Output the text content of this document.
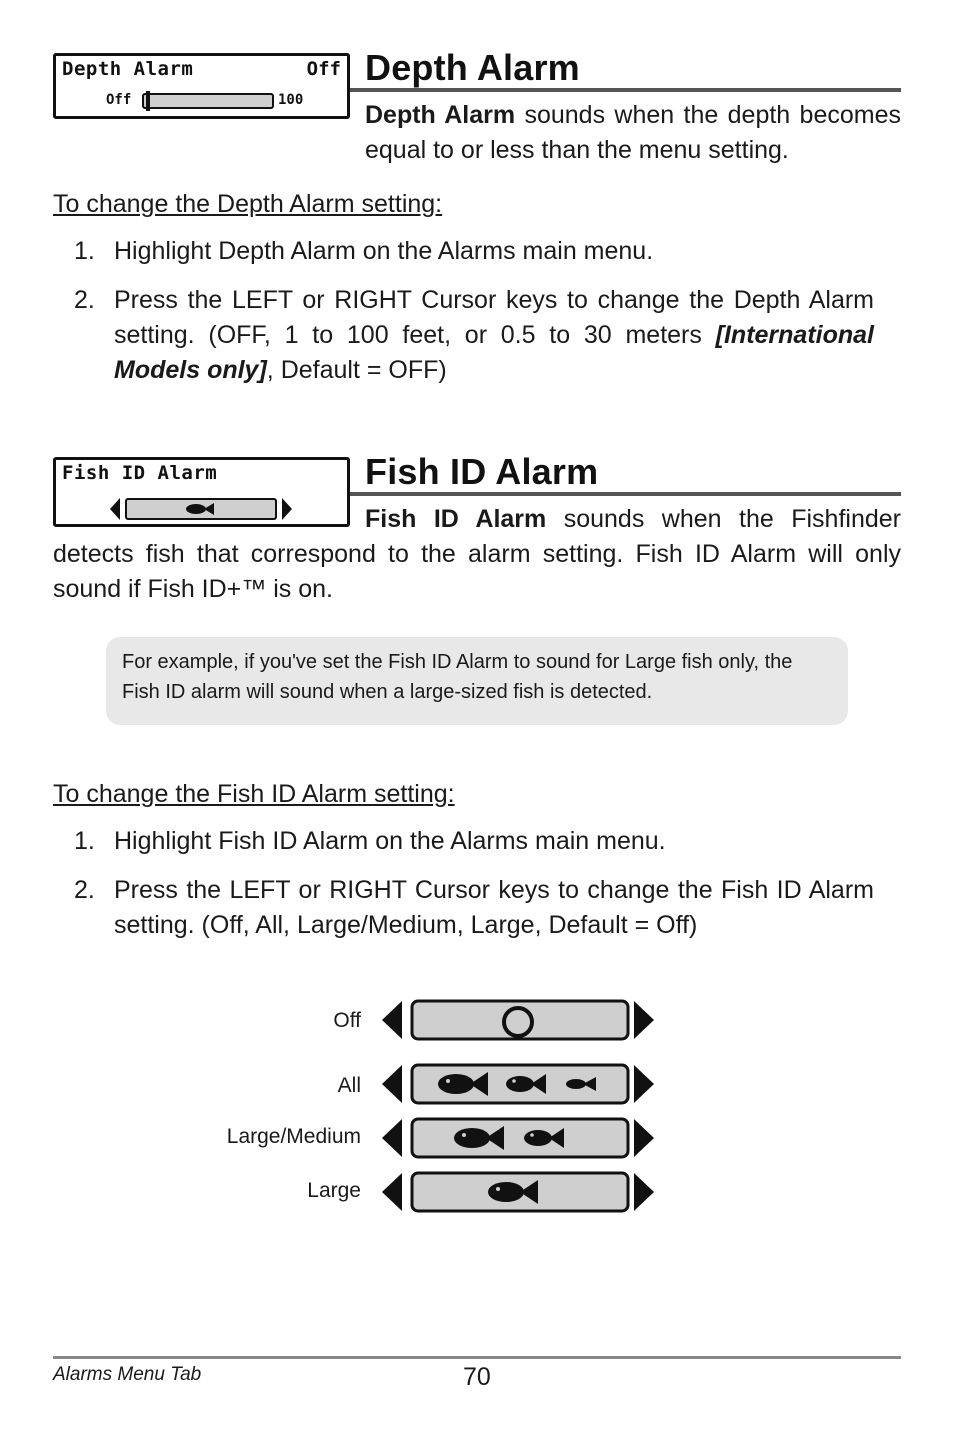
Depth Alarm	Off
Off	100
Depth Alarm
Depth Alarm sounds when the depth becomes equal to or less than the menu setting.
To change the Depth Alarm setting:
1. Highlight Depth Alarm on the Alarms main menu.
2. Press the LEFT or RIGHT Cursor keys to change the Depth Alarm setting. (OFF, 1 to 100 feet, or 0.5 to 30 meters [International Models only], Default = OFF)
Fish ID Alarm	Fish ID Alarm
Fish ID Alarm sounds when the Fishfinder detects fish that correspond to the alarm setting. Fish ID Alarm will only sound if Fish ID+™ is on.
For example, if you've set the Fish ID Alarm to sound for Large fish only, the Fish ID alarm will sound when a large-sized fish is detected.
To change the Fish ID Alarm setting:
1. Highlight Fish ID Alarm on the Alarms main menu.
2. Press the LEFT or RIGHT Cursor keys to change the Fish ID Alarm setting. (Off, All, Large/Medium, Large, Default = Off)
Off
All
Large/Medium
Large
Alarms Menu Tab	70
